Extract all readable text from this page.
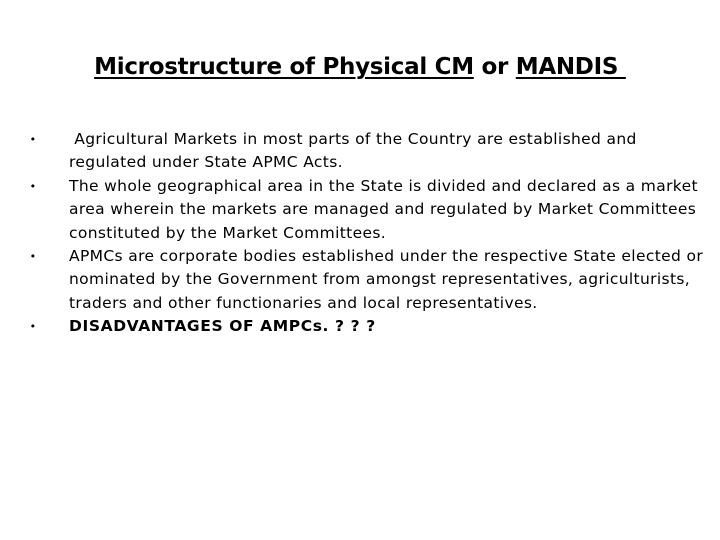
Microstructure of Physical CM or MANDIS
• Agricultural Markets in most parts of the Country are established and regulated under State APMC Acts.
• The whole geographical area in the State is divided and declared as a market area wherein the markets are managed and regulated by Market Committees constituted by the Market Committees.
• APMCs are corporate bodies established under the respective State elected or nominated by the Government from amongst representatives, agriculturists, traders and other functionaries and local representatives.
• DISADVANTAGES OF AMPCs. ? ? ?
